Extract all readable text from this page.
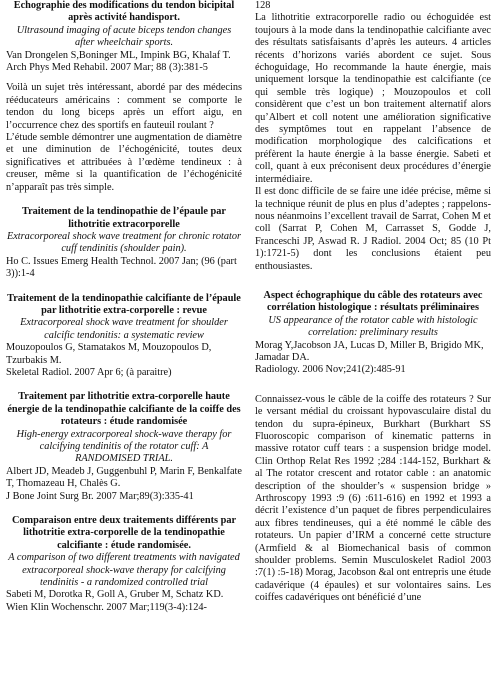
Echographie des modifications du tendon bicipital après activité handisport.

Ultrasound imaging of acute biceps tendon changes after wheelchair sports.

Van Drongelen S,Boninger ML, Impink BG, Khalaf T. Arch Phys Med Rehabil. 2007 Mar; 88 (3):381-5

Voilà un sujet très intéressant, abordé par des médecins rééducateurs américains : comment se comporte le tendon du long biceps après un effort aigu, en l’occurrence chez des sportifs en fauteuil roulant ?

L’étude semble démontrer une augmentation de diamètre et une diminution de l’échogénicité, toutes deux significatives et attribuées à l’œdème tendineux : à creuser, même si la quantification de l’échogénicité n’apparaît pas très simple.

Traitement de la tendinopathie de l’épaule par lithotritie extracorporelle

Extracorporeal shock wave treatment for chronic rotator cuff tendinitis (shoulder pain).

Ho C. Issues Emerg Health Technol. 2007 Jan; (96 (part 3)):1-4

Traitement de la tendinopathie calcifiante de l’épaule par lithotritie extra-corporelle : revue

Extracorporeal shock wave treatment for shoulder calcific tendonitis: a systematic review

Mouzopoulos G, Stamatakos M, Mouzopoulos D, Tzurbakis M.

Skeletal Radiol. 2007 Apr 6; (à paraitre)

Traitement par lithotritie extra-corporelle haute énergie de la tendinopathie calcifiante de la coiffe des rotateurs : étude randomisée

High-energy extracorporeal shock-wave therapy for calcifying tendinitis of the rotator cuff: A RANDOMISED TRIAL.

Albert JD, Meadeb J, Guggenbuhl P, Marin F, Benkalfate T, Thomazeau H, Chalès G.

J Bone Joint Surg Br. 2007 Mar;89(3):335-41

Comparaison entre deux traitements différents par lithotritie extra-corporelle de la tendinopathie calcifiante : étude randomisée.

A comparison of two different treatments with navigated extracorporeal shock-wave therapy for calcifying tendinitis - a randomized controlled trial

Sabeti M, Dorotka R, Goll A, Gruber M, Schatz KD.

Wien Klin Wochenschr. 2007 Mar;119(3-4):124-

128

La lithotritie extracorporelle radio ou échoguidée est toujours à la mode dans la tendinopathie calcifiante avec des résultats satisfaisants d’après les auteurs. 4 articles récents d’horizons variés abordent ce sujet. Sous échoguidage, Ho recommande la haute énergie, mais uniquement lorsque la tendinopathie est calcifiante (ce qui semble très logique) ; Mouzopoulos et coll considèrent que c’est un bon traitement alternatif alors qu’Albert et coll notent une amélioration significative des symptômes tout en rappelant l’absence de modification morphologique des calcifications et préfèrent la haute énergie à la basse énergie. Sabeti et coll, quant à eux préconisent deux procédures d’énergie intermédiaire.

Il est donc difficile de se faire une idée précise, même si la technique réunit de plus en plus d’adeptes ; rappelons-nous néanmoins l’excellent travail de Sarrat, Cohen M et coll (Sarrat P, Cohen M, Carrasset S, Godde J, Franceschi JP, Aswad R. J Radiol. 2004 Oct; 85 (10 Pt 1):1721-5) dont les conclusions étaient peu enthousiastes.

Aspect échographique du câble des rotateurs avec corrélation histologique : résultats préliminaires

US appearance of the rotator cable with histologic correlation: preliminary results

Morag Y,Jacobson JA, Lucas D, Miller B, Brigido MK, Jamadar DA.

Radiology. 2006 Nov;241(2):485-91

Connaissez-vous le câble de la coiffe des rotateurs ? Sur le versant médial du croissant hypovasculaire distal du tendon du supra-épineux, Burkhart (Burkhart SS Fluoroscopic comparison of kinematic patterns in massive rotator cuff tears : a suspension bridge model. Clin Orthop Relat Res 1992 ;284 :144-152, Burkhart & al The rotator crescent and rotator cable : an anatomic description of the shoulder’s « suspension bridge » Arthroscopy 1993 :9 (6) :611-616) en 1992 et 1993 a décrit l’existence d’un paquet de fibres perpendiculaires aux fibres tendineuses, qui a été nommé le câble des rotateurs. Un papier d’IRM a concerné cette structure (Armfield & al Biomechanical basis of common shoulder problems. Semin Musculoskelet Radiol 2003 :7(1) :5-18) Morag, Jacobson &al ont entrepris une étude cadavérique (4 épaules) et sur volontaires sains. Les coiffes cadavériques ont bénéficié d’une
